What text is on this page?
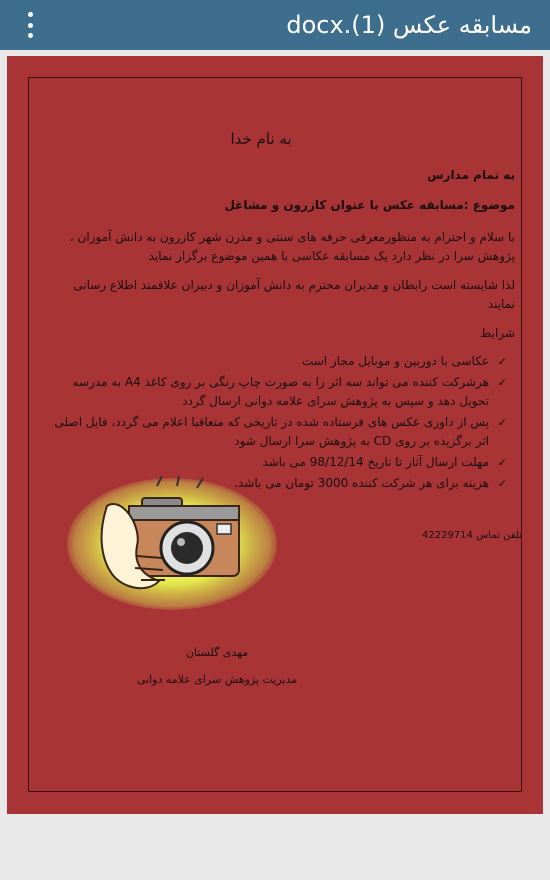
مسابقه عکس (1).docx
به نام خدا
به تمام مدارس
موضوع :مسابقه عکس با عنوان کازرون و مشاغل

با سلام و احترام به منظورمعرفی حرفه های سنتی و مدرن شهر کازرون به دانش آموزان ، پژوهش سرا در نظر دارد یک مسابقه عکاسی با همین موضوع برگزار نماید

لذا شایسته است رابطان و مدیران محترم به دانش آموزان و دبیران علاقمند اطلاع رسانی نمایند

شرایط
✓
عکاسی با دوربین و موبایل مجاز است
✓
هرشرکت کننده می تواند سه اثر را به صورت چاپ رنگی بر روی کاغذ A4 به مدرسه تحویل دهد و سپس به پژوهش سرای علامه دوانی ارسال گردد
✓
پس از داوری عکس های فرستاده شده در تاریخی که متعاقبا اعلام می گردد، فایل اصلی اثر برگزیده بر روی CD به پژوهش سرا ارسال شود
✓
مهلت ارسال آثار تا تاریخ 98/12/14 می باشد
✓
هزینه برای هر شرکت کننده 3000 تومان می باشد.
تلفن تماس 42229714
مهدی گلستان
مدیریت پژوهش سرای علامه دوانی
